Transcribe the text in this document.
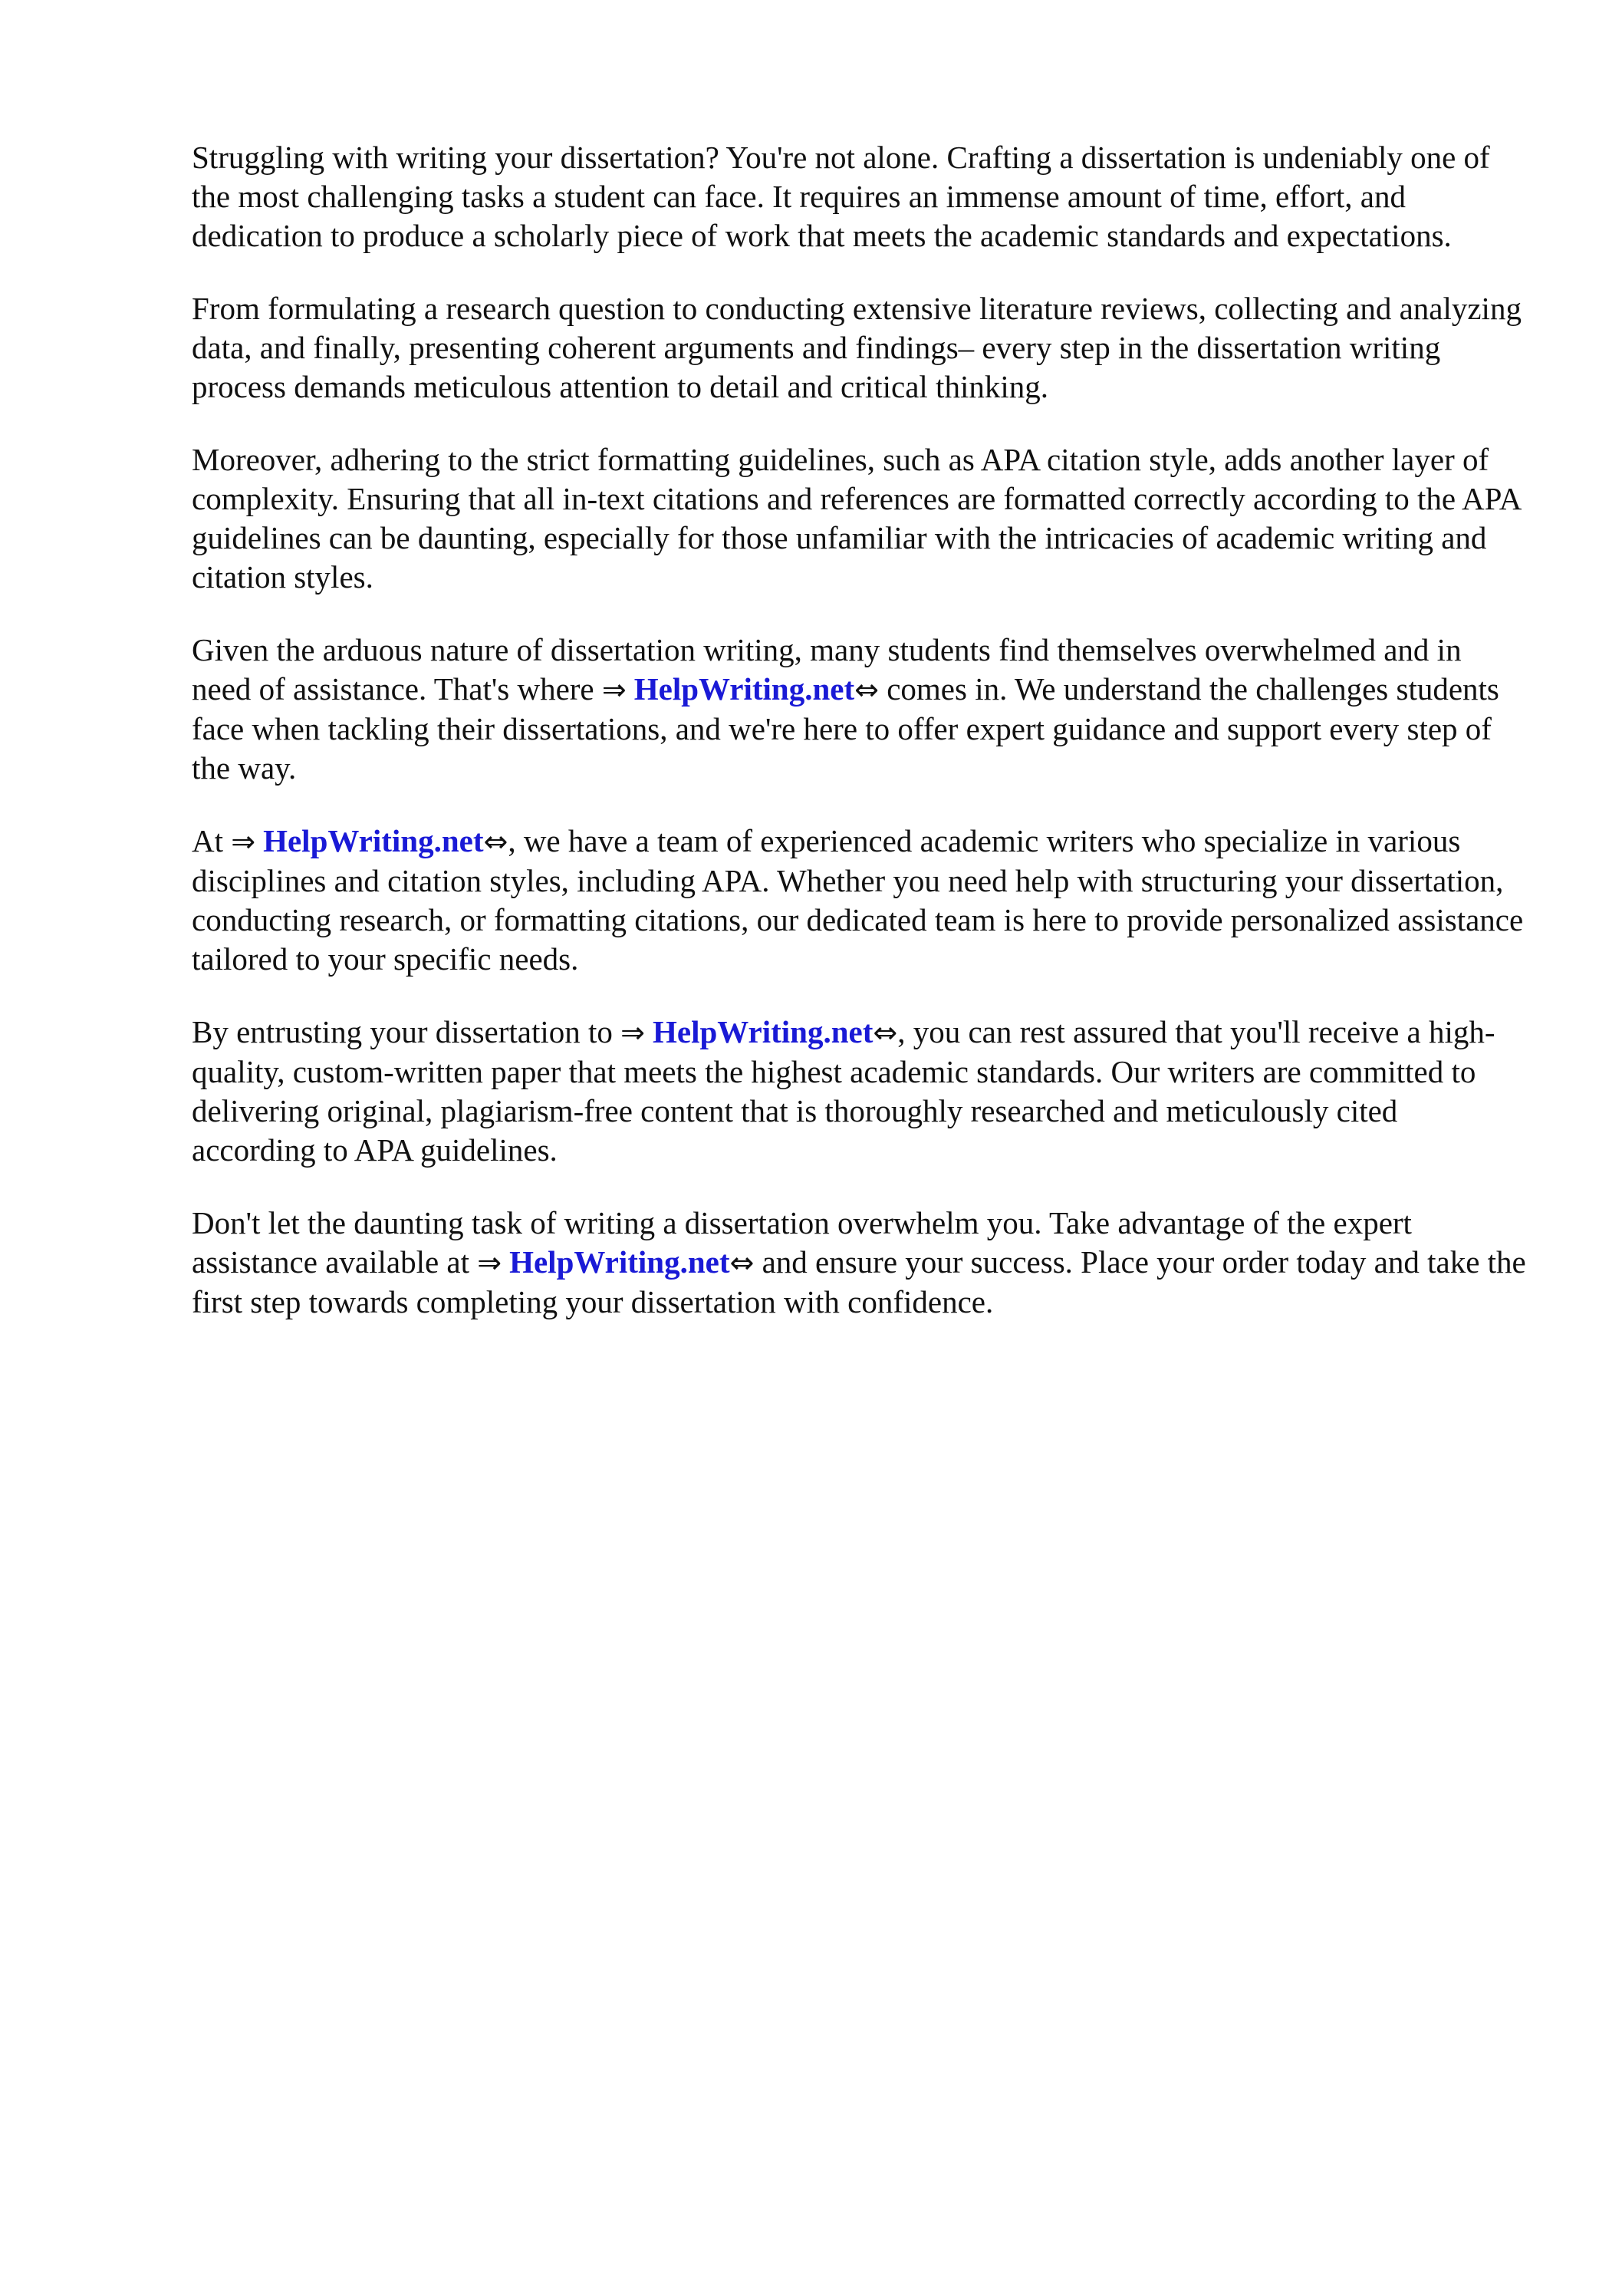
Struggling with writing your dissertation? You're not alone. Crafting a dissertation is undeniably one of the most challenging tasks a student can face. It requires an immense amount of time, effort, and dedication to produce a scholarly piece of work that meets the academic standards and expectations.

From formulating a research question to conducting extensive literature reviews, collecting and analyzing data, and finally, presenting coherent arguments and findings– every step in the dissertation writing process demands meticulous attention to detail and critical thinking.

Moreover, adhering to the strict formatting guidelines, such as APA citation style, adds another layer of complexity. Ensuring that all in-text citations and references are formatted correctly according to the APA guidelines can be daunting, especially for those unfamiliar with the intricacies of academic writing and citation styles.

Given the arduous nature of dissertation writing, many students find themselves overwhelmed and in need of assistance. That's where ⇒ HelpWriting.net⇔ comes in. We understand the challenges students face when tackling their dissertations, and we're here to offer expert guidance and support every step of the way.

At ⇒ HelpWriting.net⇔, we have a team of experienced academic writers who specialize in various disciplines and citation styles, including APA. Whether you need help with structuring your dissertation, conducting research, or formatting citations, our dedicated team is here to provide personalized assistance tailored to your specific needs.

By entrusting your dissertation to ⇒ HelpWriting.net⇔, you can rest assured that you'll receive a high-quality, custom-written paper that meets the highest academic standards. Our writers are committed to delivering original, plagiarism-free content that is thoroughly researched and meticulously cited according to APA guidelines.

Don't let the daunting task of writing a dissertation overwhelm you. Take advantage of the expert assistance available at ⇒ HelpWriting.net⇔ and ensure your success. Place your order today and take the first step towards completing your dissertation with confidence.
